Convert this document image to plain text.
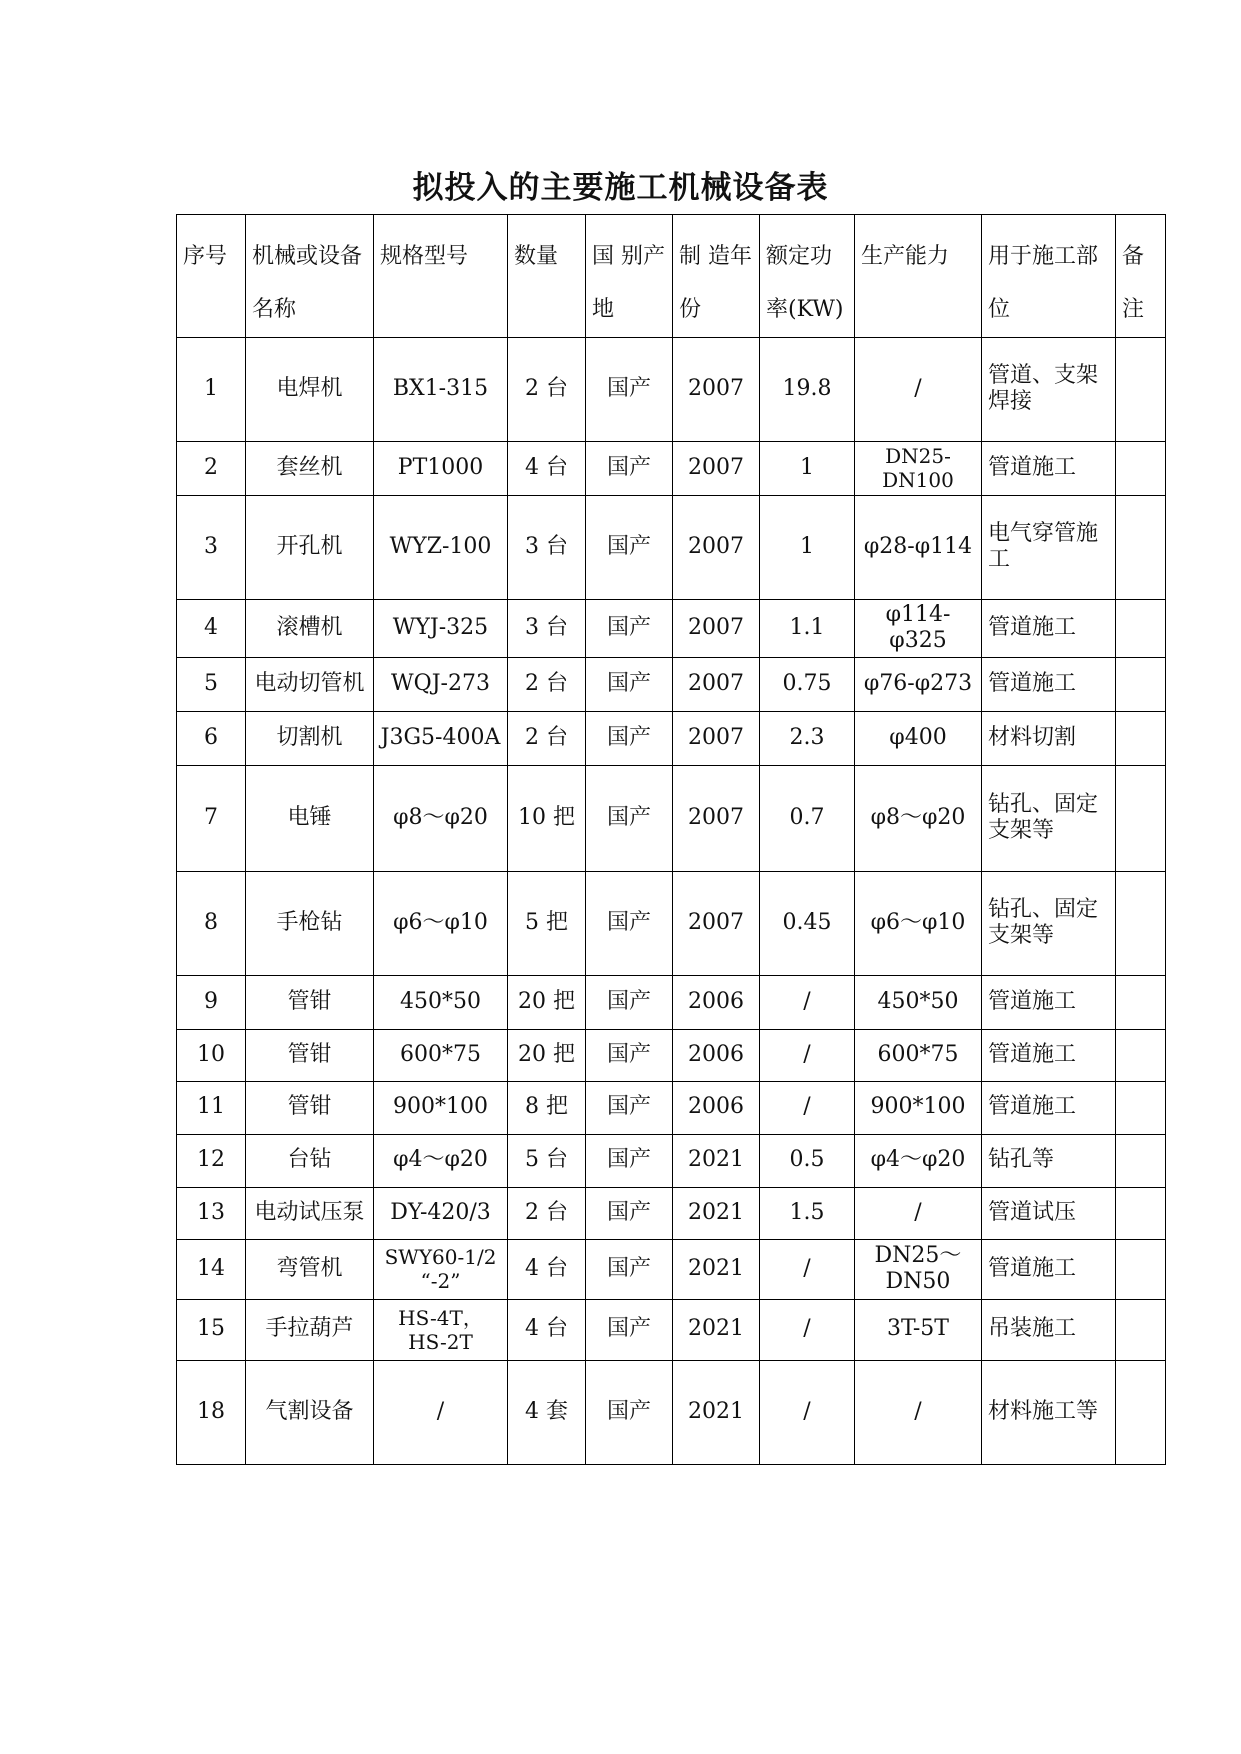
拟投入的主要施工机械设备表
序号	机械或设备名称	规格型号	数量	国 别产地	制 造年份	额定功率(KW)	生产能力	用于施工部位	备注
1	电焊机	BX1-315	2 台	国产	2007	19.8	/	管道、支架焊接	
2	套丝机	PT1000	4 台	国产	2007	1	DN25-DN100	管道施工	
3	开孔机	WYZ-100	3 台	国产	2007	1	φ28-φ114	电气穿管施工	
4	滚槽机	WYJ-325	3 台	国产	2007	1.1	φ114-φ325	管道施工	
5	电动切管机	WQJ-273	2 台	国产	2007	0.75	φ76-φ273	管道施工	
6	切割机	J3G5-400A	2 台	国产	2007	2.3	φ400	材料切割	
7	电锤	φ8～φ20	10 把	国产	2007	0.7	φ8～φ20	钻孔、固定支架等	
8	手枪钻	φ6～φ10	5 把	国产	2007	0.45	φ6～φ10	钻孔、固定支架等	
9	管钳	450*50	20 把	国产	2006	/	450*50	管道施工	
10	管钳	600*75	20 把	国产	2006	/	600*75	管道施工	
11	管钳	900*100	8 把	国产	2006	/	900*100	管道施工	
12	台钻	φ4～φ20	5 台	国产	2021	0.5	φ4～φ20	钻孔等	
13	电动试压泵	DY-420/3	2 台	国产	2021	1.5	/	管道试压	
14	弯管机	SWY60-1/2 “-2”	4 台	国产	2021	/	DN25～DN50	管道施工	
15	手拉葫芦	HS-4T，HS-2T	4 台	国产	2021	/	3T-5T	吊装施工	
18	气割设备	/	4 套	国产	2021	/	/	材料施工等	
